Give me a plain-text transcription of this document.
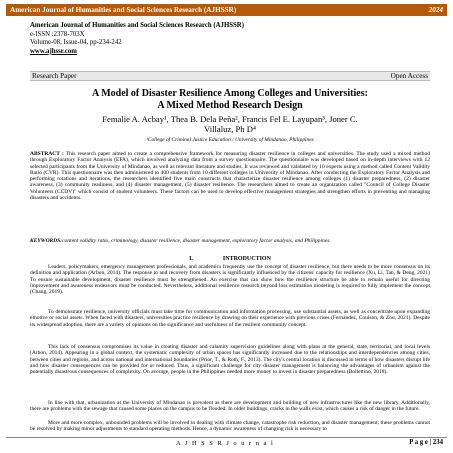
American Journal of Humanities and Social Sciences Research (AJHSSR)	2024
American Journal of Humanities and Social Sciences Research (AJHSSR)
e-ISSN :2378-703X
Volume-08, Issue-04, pp-234-242
www.ajhssr.com
Research Paper	Open Access
A Model of Disaster Resilience Among Colleges and Universities:
A Mixed Method Research Design
Femalie A. Acbay¹, Thea B. Dela Peña², Francis Fel E. Layupan³, Joner C.
Villaluz, Ph D⁴
¹College of Criminal Justice Education / University of Mindanao, Philippines

ABSTRACT : This research paper aimed to create a comprehensive framework for measuring disaster resilience in colleges and universities. The study used a mixed method through Exploratory Factor Analysis (EFA), which involved analyzing data from a survey questionnaire. The questionnaire was developed based on in-depth interviews with 12 selected participants from the University of Mindanao, as well as relevant literature and studies. It was reviewed and validated by 10 experts using a method called Content Validity Ratio (CVR). This questionnaire was then administered to 400 students from 10 different colleges in University of Mindanao. After conducting the Exploratory Factor Analysis and performing rotations and iterations, the researchers identified five main constructs that characterize disaster resilience among colleges (1) disaster preparedness, (2) disaster awareness, (3) community readiness, and (4) disaster management, (5) disaster resilience. The researchers aimed to create an organization called "Council of College Disaster Volunteers (CCDV)" which consist of student volunteers. These factors can be used to develop effective management strategies and strengthen efforts in preventing and managing disasters and accidents.

KEYWORDS:content validity ratio, criminology, disaster resilience, disaster management, exploratory factor analysis, and Philippines.

I.                    INTRODUCTION

Leaders, policymakers, emergency management professionals, and academics frequently use the concept of disaster resilience, but there needs to be more consensus on its definition and application (Arbon, 2014). The response to and recovery from disasters is significantly influenced by the citizens' capacity for resilience (Xu, Li, Tan, & Deng, 2021) To ensure sustainable development, disaster resilience must be strengthened. An exercise that can show how the resilience structure be able to remain useful for directing improvement and awareness endeavors must be conducted. Nevertheless, additional resilience research beyond loss estimation modeling is required to fully implement the concept (Chang, 2019).

To demonstrate resilience, university officials must take time for communication and information processing, use substantial assets, as well as concentrate upon expanding emotive or social assets. When faced with disasters, universities practice resilience by drawing on their experience with previous crises (Fernandez, Coulson, & Zou, 2021). Despite its widespread adoption, there are a variety of opinions on the significance and usefulness of the resilient community concept.

This lack of consensus compromises its value in creating disaster and calamity supervision guidelines along with plans at the general, state, territorial, and local levels (Arbon, 2014). Appearing in a global context, the systematic complexity of urban spaces has significantly increased due to the relationships and interdependencies among cities, between cities and regions, and across national and international boundaries (Prior, T., & Roth, F., 2013). The city's central location is discussed in terms of how disasters disrupt life and how disaster consequences can be provided for or reduced. Thus, a significant challenge for city disaster management is balancing the advantages of urbanism against the potentially disastrous consequences of complexity. On average, people in the Philippines needed more money to invest in disaster preparedness (Bollettino, 2018).

In line with that, urbanization at the University of Mindanao is prevalent as there are development and building of new infrastructures like the new library. Additionally, there are problems with the sewage that caused some places on the campus to be flooded. In older buildings, cracks in the walls exist, which causes a risk of danger in the future.

More and more complex, unbounded problems will be involved in dealing with climate change, catastrophe risk reduction, and disaster management; these problems cannot be resolved by making minor adjustments to standard operating methods. Hence, a dynamic awareness of changing risk is necessary to

A J H S S R J o u r n a l	P a g e | 234
